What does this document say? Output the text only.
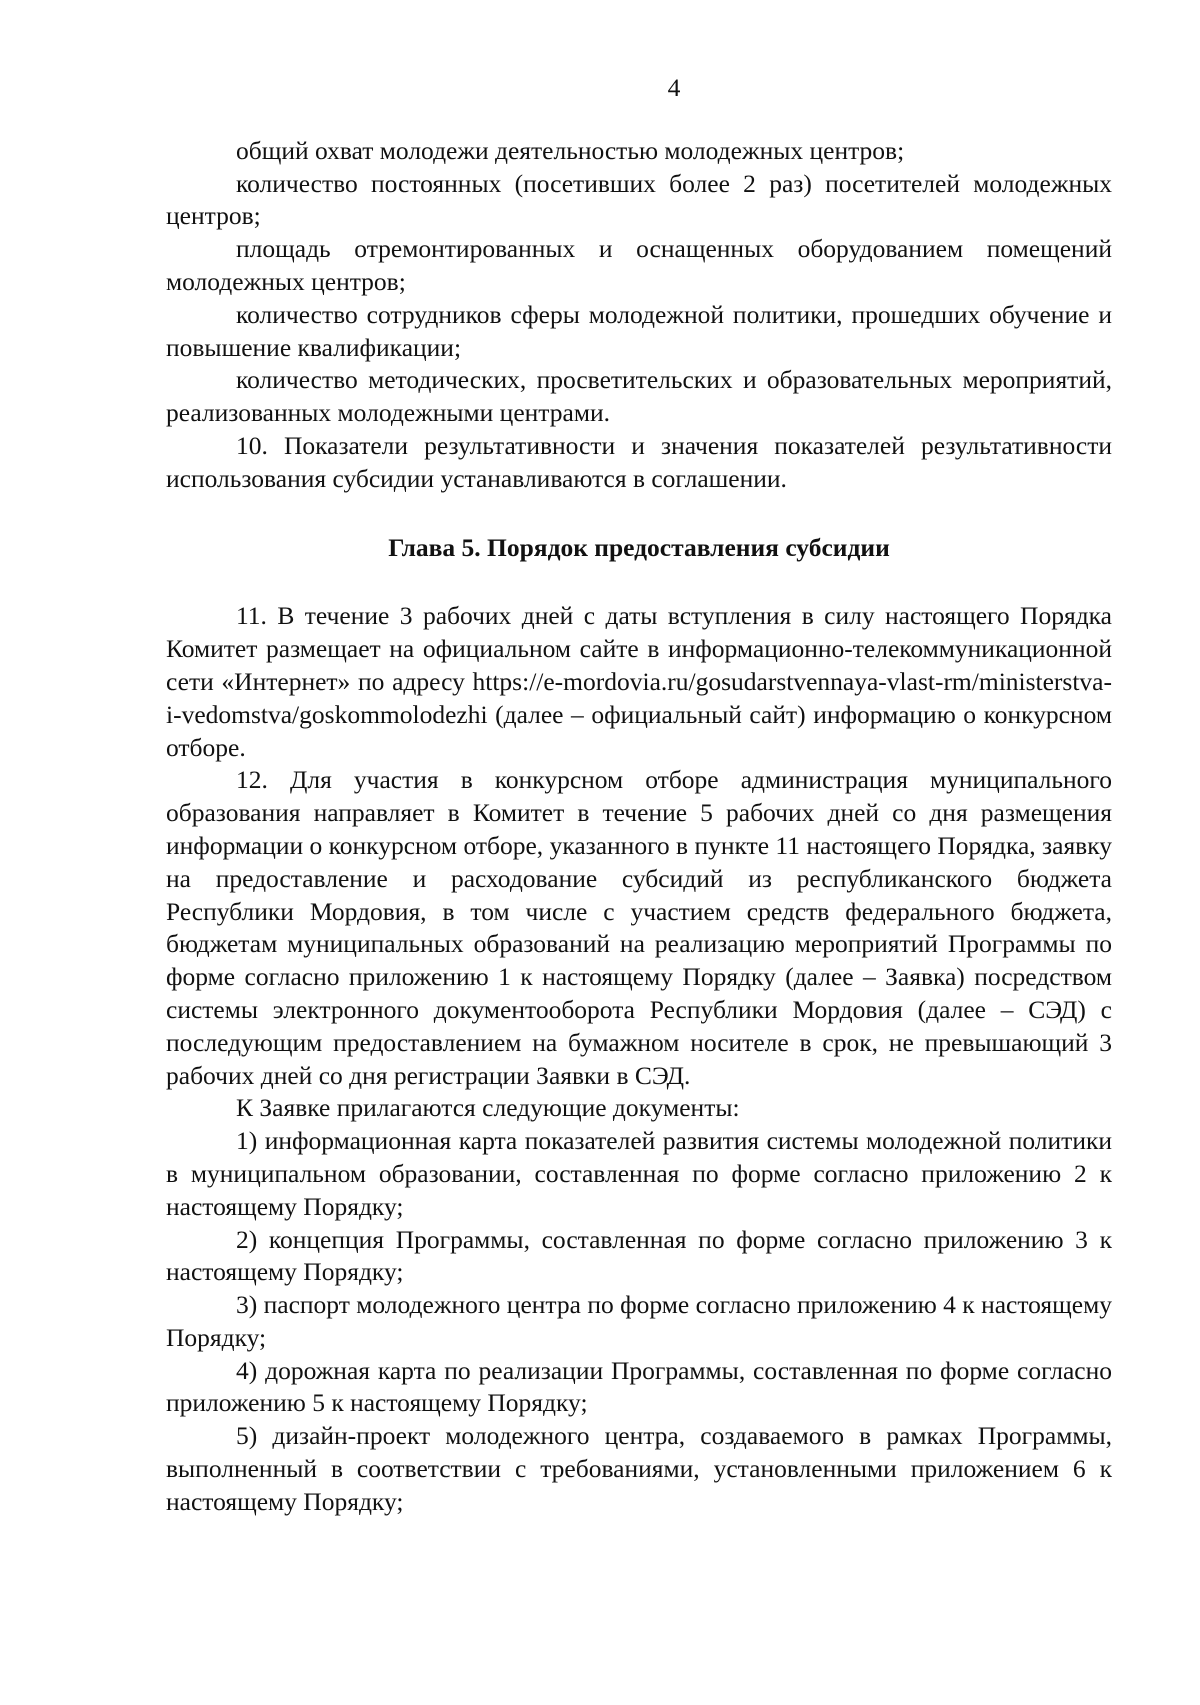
4

общий охват молодежи деятельностью молодежных центров;

количество постоянных (посетивших более 2 раз) посетителей молодежных центров;

площадь отремонтированных и оснащенных оборудованием помещений молодежных центров;

количество сотрудников сферы молодежной политики, прошедших обучение и повышение квалификации;

количество методических, просветительских и образовательных мероприятий, реализованных молодежными центрами.

10. Показатели результативности и значения показателей результативности использования субсидии устанавливаются в соглашении.

Глава 5. Порядок предоставления субсидии

11. В течение 3 рабочих дней с даты вступления в силу настоящего Порядка Комитет размещает на официальном сайте в информационно-телекоммуникационной сети «Интернет» по адресу https://e-mordovia.ru/gosudarstvennaya-vlast-rm/ministerstva-i-vedomstva/goskommolodezhi (далее – официальный сайт) информацию о конкурсном отборе.

12. Для участия в конкурсном отборе администрация муниципального образования направляет в Комитет в течение 5 рабочих дней со дня размещения информации о конкурсном отборе, указанного в пункте 11 настоящего Порядка, заявку на предоставление и расходование субсидий из республиканского бюджета Республики Мордовия, в том числе с участием средств федерального бюджета, бюджетам муниципальных образований на реализацию мероприятий Программы по форме согласно приложению 1 к настоящему Порядку (далее – Заявка) посредством системы электронного документооборота Республики Мордовия (далее – СЭД) с последующим предоставлением на бумажном носителе в срок, не превышающий 3 рабочих дней со дня регистрации Заявки в СЭД.

К Заявке прилагаются следующие документы:

1) информационная карта показателей развития системы молодежной политики в муниципальном образовании, составленная по форме согласно приложению 2 к настоящему Порядку;

2) концепция Программы, составленная по форме согласно приложению 3 к настоящему Порядку;

3) паспорт молодежного центра по форме согласно приложению 4 к настоящему Порядку;

4) дорожная карта по реализации Программы, составленная по форме согласно приложению 5 к настоящему Порядку;

5) дизайн-проект молодежного центра, создаваемого в рамках Программы, выполненный в соответствии с требованиями, установленными приложением 6 к настоящему Порядку;
